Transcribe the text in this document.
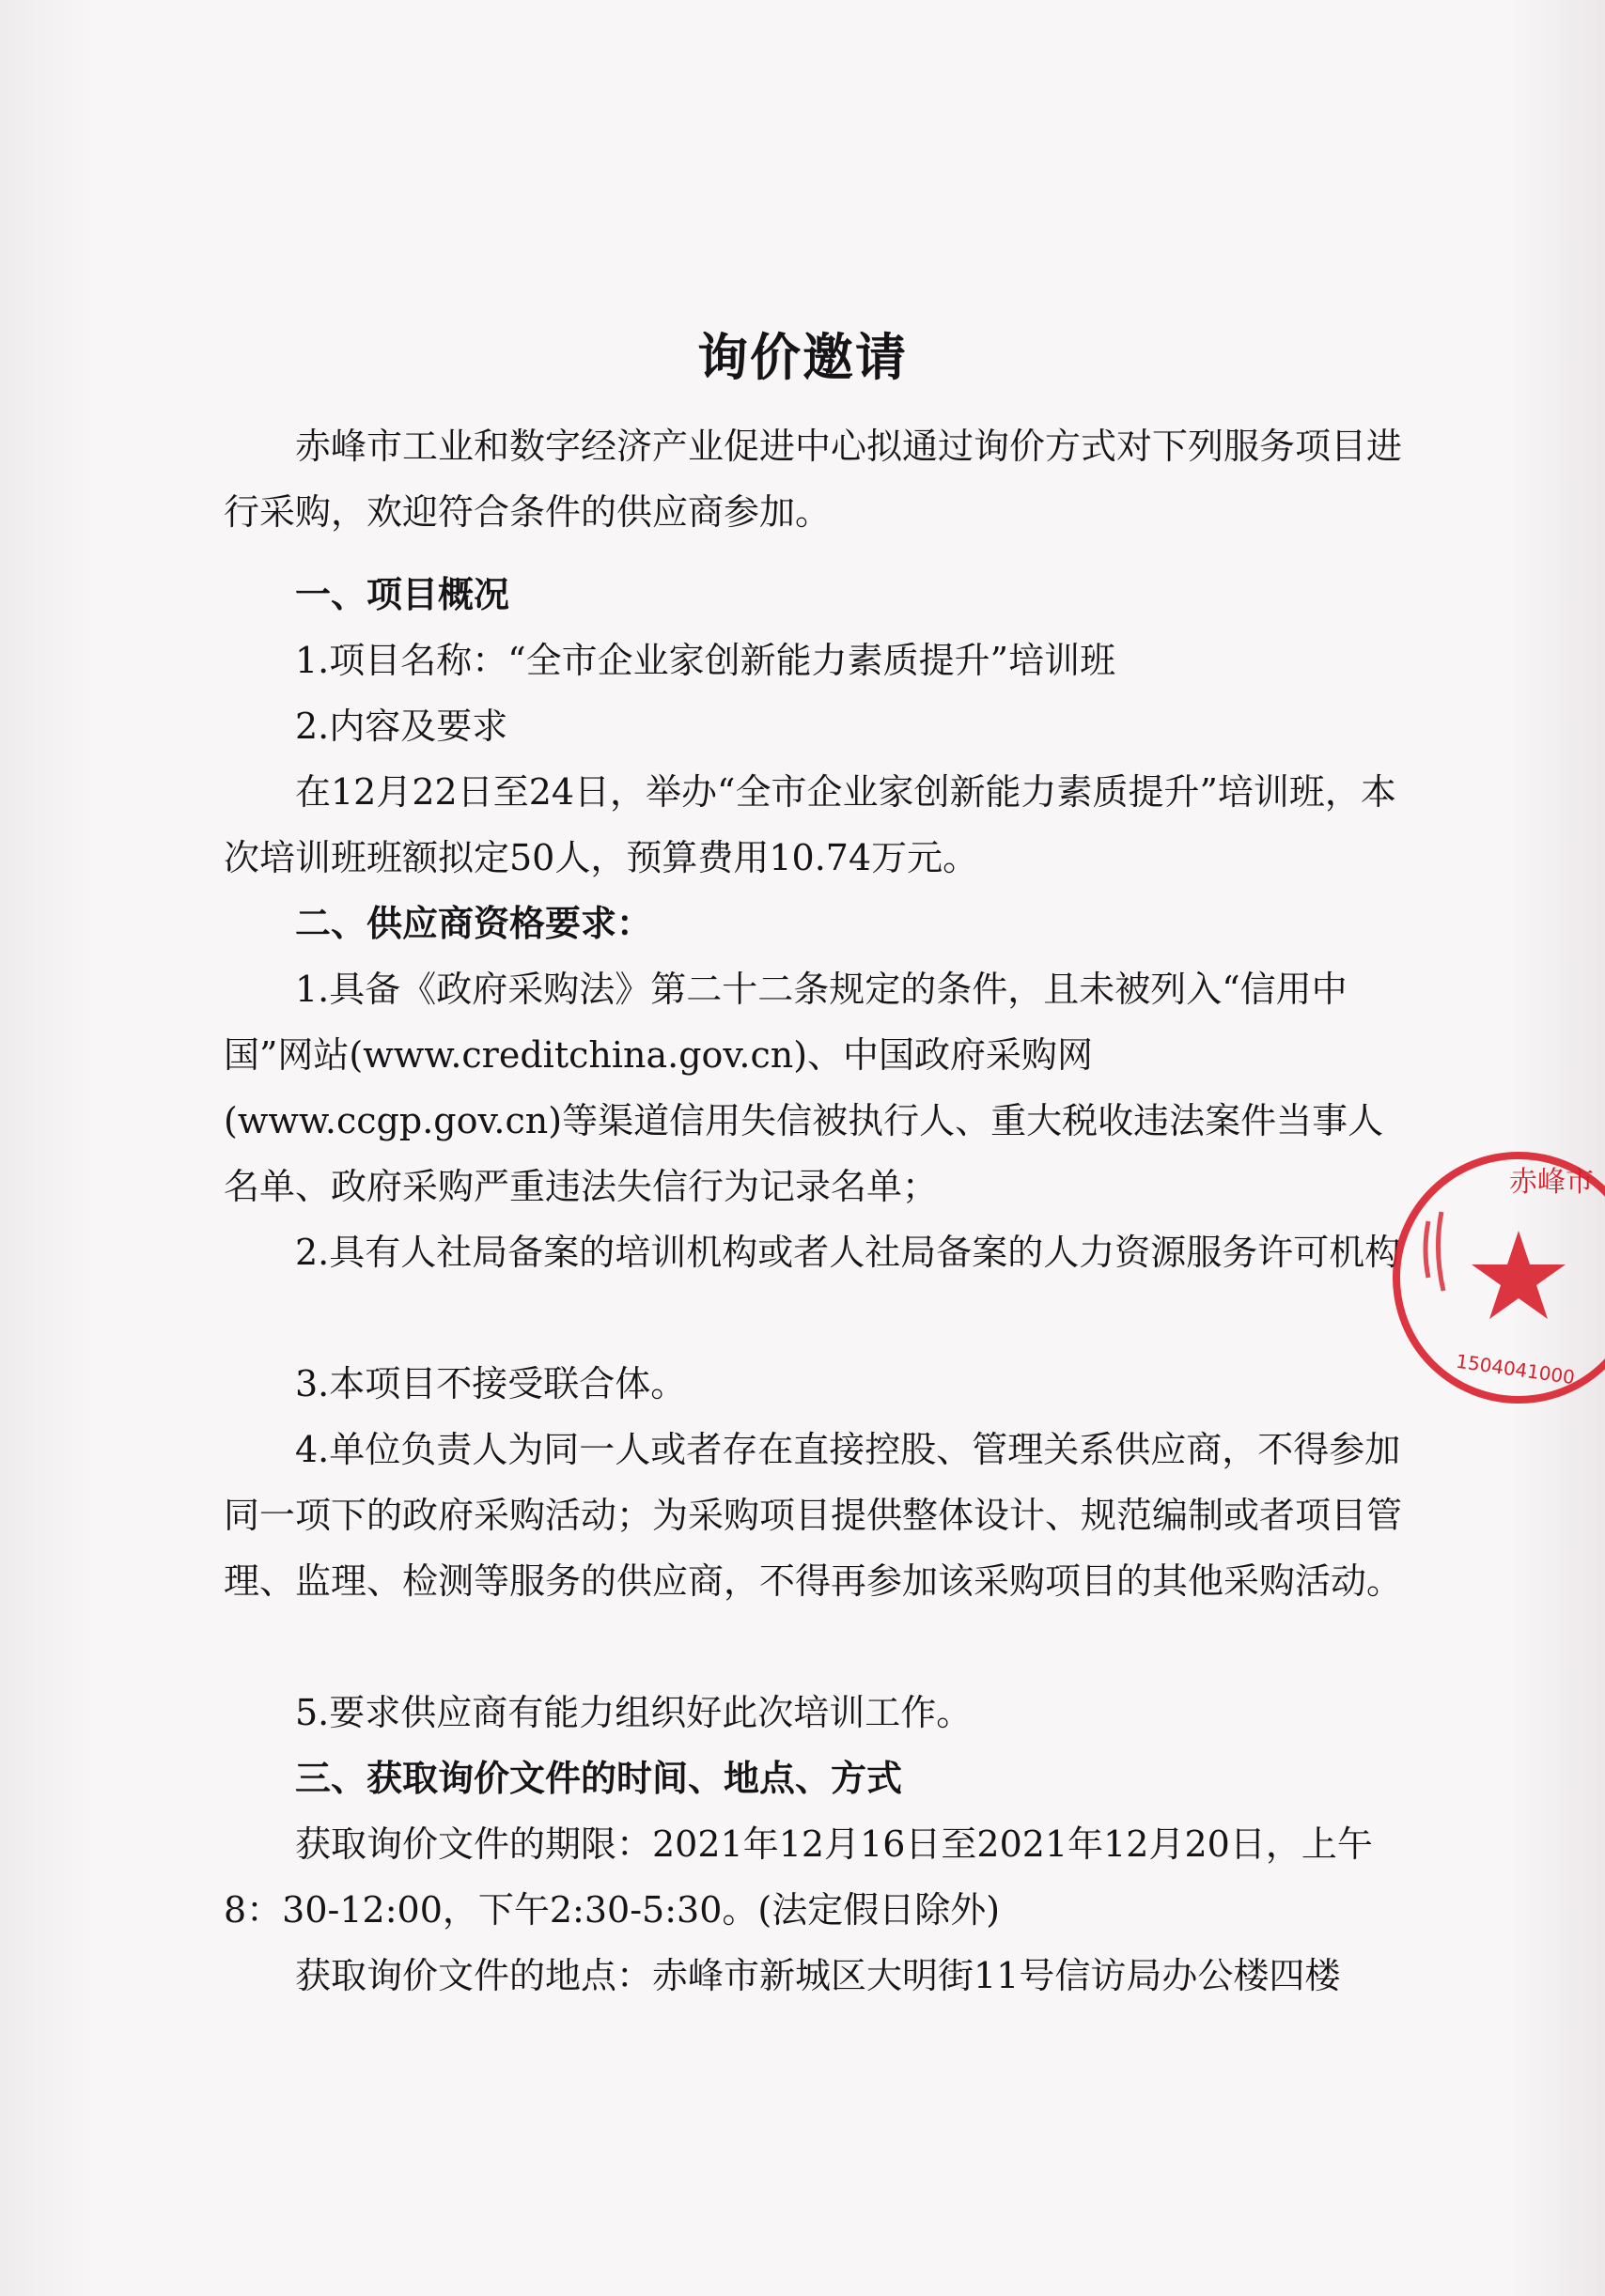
询价邀请

赤峰市工业和数字经济产业促进中心拟通过询价方式对下列服务项目进行采购，欢迎符合条件的供应商参加。

一、项目概况

1.项目名称：“全市企业家创新能力素质提升”培训班

2.内容及要求

在12月22日至24日，举办“全市企业家创新能力素质提升”培训班，本次培训班班额拟定50人，预算费用10.74万元。

二、供应商资格要求：

1.具备《政府采购法》第二十二条规定的条件，且未被列入“信用中国”网站(www.creditchina.gov.cn)、中国政府采购网(www.ccgp.gov.cn)等渠道信用失信被执行人、重大税收违法案件当事人名单、政府采购严重违法失信行为记录名单；

2.具有人社局备案的培训机构或者人社局备案的人力资源服务许可机构

3.本项目不接受联合体。

4.单位负责人为同一人或者存在直接控股、管理关系供应商，不得参加同一项下的政府采购活动；为采购项目提供整体设计、规范编制或者项目管理、监理、检测等服务的供应商，不得再参加该采购项目的其他采购活动。

5.要求供应商有能力组织好此次培训工作。

三、获取询价文件的时间、地点、方式

获取询价文件的期限：2021年12月16日至2021年12月20日，上午8：30-12:00，下午2:30-5:30。(法定假日除外)

获取询价文件的地点：赤峰市新城区大明街11号信访局办公楼四楼

赤峰市
1504041000
